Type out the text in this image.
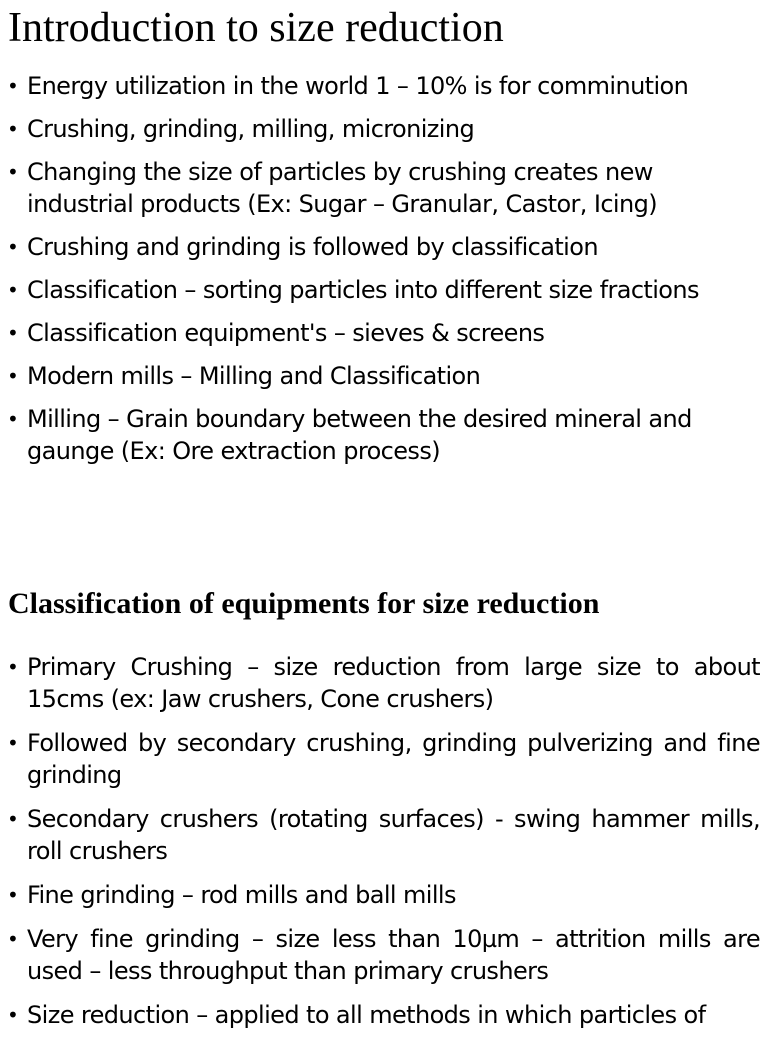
Introduction to size reduction
• Energy utilization in the world 1 – 10% is for comminution
• Crushing, grinding, milling, micronizing
• Changing the size of particles by crushing creates new industrial products (Ex: Sugar – Granular, Castor, Icing)
• Crushing and grinding is followed by classification
• Classification – sorting particles into different size fractions
• Classification equipment's – sieves & screens
• Modern mills – Milling and Classification
• Milling – Grain boundary between the desired mineral and gaunge (Ex: Ore extraction process)
Classification of equipments for size reduction
• Primary Crushing – size reduction from large size to about 15cms (ex: Jaw crushers, Cone crushers)
• Followed by secondary crushing, grinding pulverizing and fine grinding
• Secondary crushers (rotating surfaces) - swing hammer mills, roll crushers
• Fine grinding – rod mills and ball mills
• Very fine grinding – size less than 10µm – attrition mills are used – less throughput than primary crushers
• Size reduction – applied to all methods in which particles of
